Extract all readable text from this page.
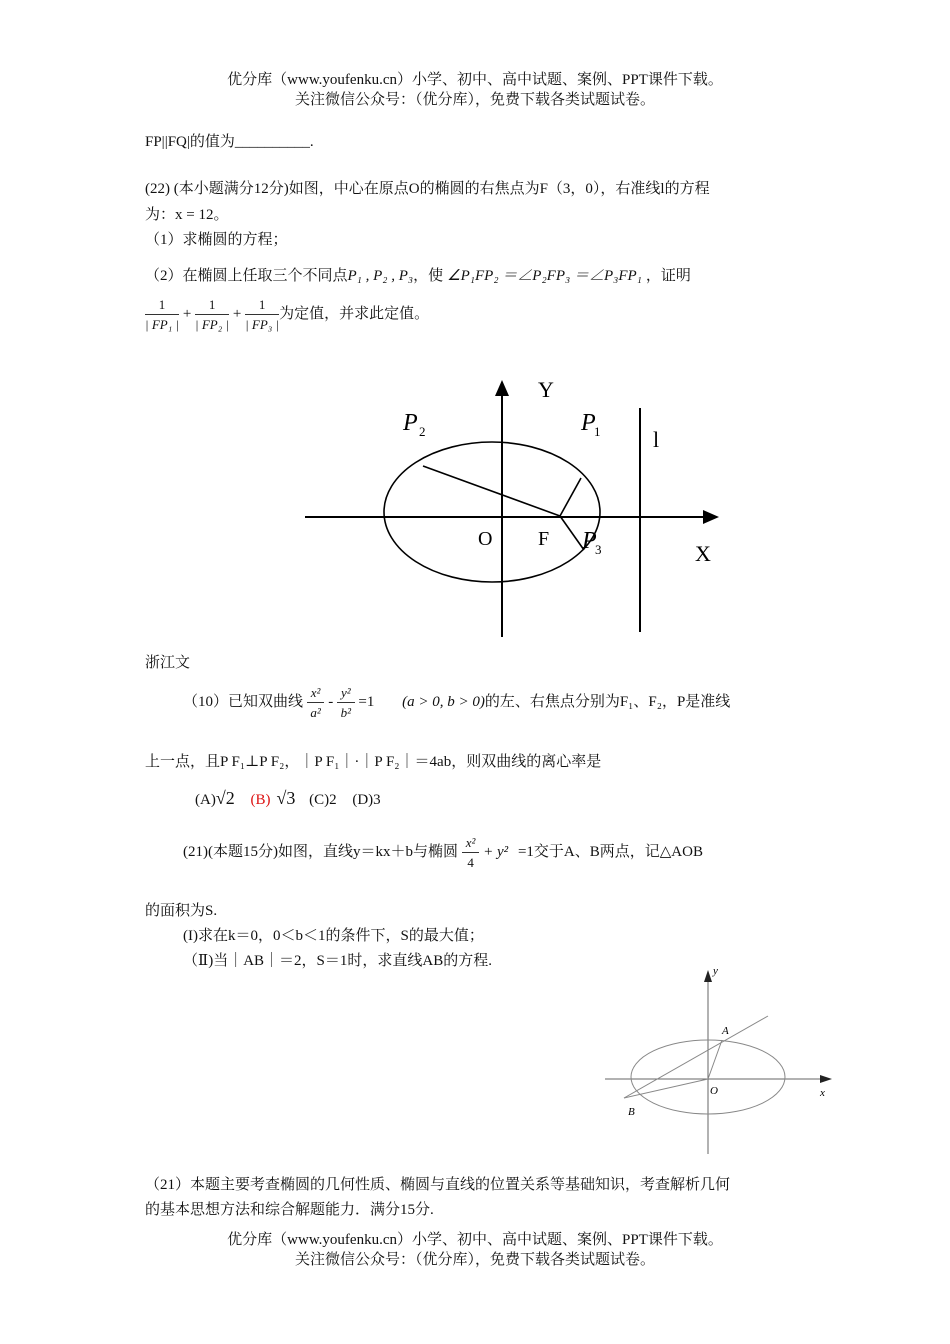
优分库（www.youfenku.cn）小学、初中、高中试题、案例、PPT课件下载。
关注微信公众号：（优分库），免费下载各类试题试卷。
FP||FQ|的值为__________.
(22) (本小题满分12分)如图，中心在原点O的椭圆的右焦点为F（3，0），右准线l的方程
为：x = 12。
（1）求椭圆的方程；
（2）在椭圆上任取三个不同点P₁ , P₂ , P₃，使 ∠P₁FP₂ ＝∠P₂FP₃ ＝∠P₃FP₁ ，证明
$\frac{1}{\text{| FP₁ |}} + \frac{1}{\text{| FP₂ |}} + \frac{1}{\text{| FP₃ |}}$ 为定值，并求此定值。
Y
X
O F
l
P 2	P
1
P
3
浙江文
（10）已知双曲线 $\frac{\text{x²}}{\text{a²}} - \frac{\text{y²}}{\text{b²}} =1$ (a > 0, b > 0)的左、右焦点分别为F₁、F₂，P是准线
上一点，且P F₁⊥P F₂，｜P F₁｜·｜P F₂｜＝4ab，则双曲线的离心率是
(A)√2 (B) √3 (C)2 (D)3
(21)(本题15分)如图，直线y＝kx＋b与椭圆 $\frac{\text{x²}}{4} + y^2 =1$交于A、B两点，记△AOB
的面积为S.
(I)求在k＝0，0＜b＜1的条件下，S的最大值；
（Ⅱ)当｜AB｜＝2，S＝1时，求直线AB的方程.
y
x
A
B
O
（21）本题主要考查椭圆的几何性质、椭圆与直线的位置关系等基础知识，考查解析几何
的基本思想方法和综合解题能力．满分15分.
优分库（www.youfenku.cn）小学、初中、高中试题、案例、PPT课件下载。
关注微信公众号：（优分库），免费下载各类试题试卷。
